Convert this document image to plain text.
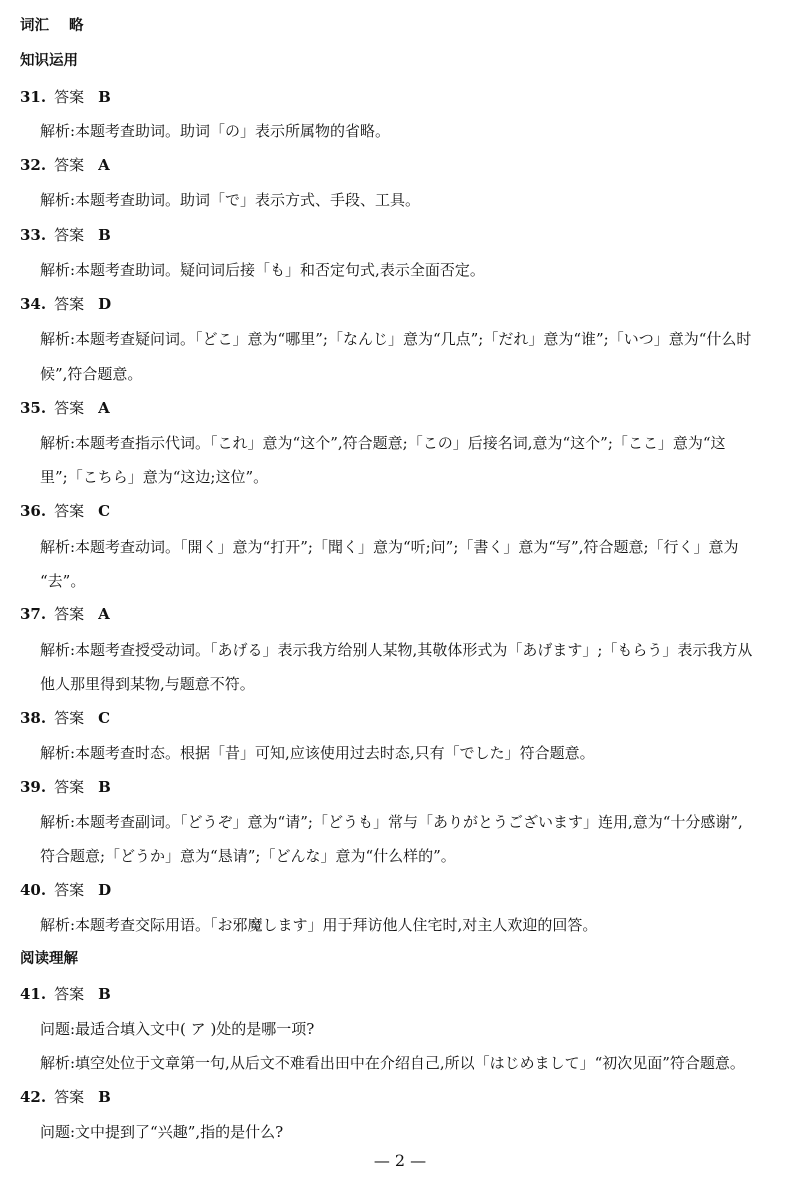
词汇 略
知识运用
31. 答案 B
解析:本题考查助词。助词「の」表示所属物的省略。
32. 答案 A
解析:本题考查助词。助词「で」表示方式、手段、工具。
33. 答案 B
解析:本题考查助词。疑问词后接「も」和否定句式,表示全面否定。
34. 答案 D
解析:本题考查疑问词。「どこ」意为“哪里”;「なんじ」意为“几点”;「だれ」意为“谁”;「いつ」意为“什么时
候”,符合题意。
35. 答案 A
解析:本题考查指示代词。「これ」意为“这个”,符合题意;「この」后接名词,意为“这个”;「ここ」意为“这
里”;「こちら」意为“这边;这位”。
36. 答案 C
解析:本题考查动词。「開く」意为“打开”;「聞く」意为“听;问”;「書く」意为“写”,符合题意;「行く」意为
“去”。
37. 答案 A
解析:本题考查授受动词。「あげる」表示我方给别人某物,其敬体形式为「あげます」;「もらう」表示我方从
他人那里得到某物,与题意不符。
38. 答案 C
解析:本题考查时态。根据「昔」可知,应该使用过去时态,只有「でした」符合题意。
39. 答案 B
解析:本题考查副词。「どうぞ」意为“请”;「どうも」常与「ありがとうございます」连用,意为“十分感谢”,
符合题意;「どうか」意为“恳请”;「どんな」意为“什么样的”。
40. 答案 D
解析:本题考查交际用语。「お邪魔します」用于拜访他人住宅时,对主人欢迎的回答。
阅读理解
41. 答案 B
问题:最适合填入文中( ア )处的是哪一项?
解析:填空处位于文章第一句,从后文不难看出田中在介绍自己,所以「はじめまして」“初次见面”符合题意。
42. 答案 B
问题:文中提到了“兴趣”,指的是什么?
— 2 —
